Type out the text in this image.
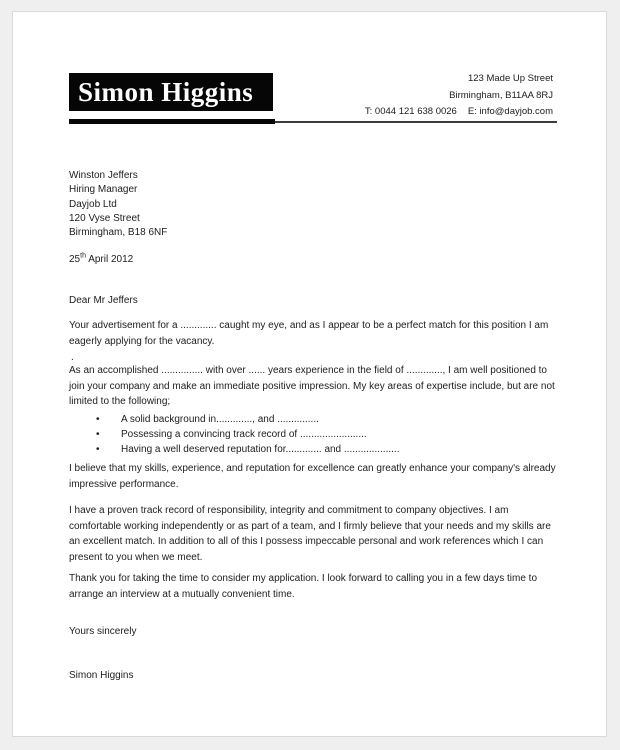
Simon Higgins	123 Made Up Street
Birmingham, B11AA 8RJ
T: 0044 121 638 0026 E: info@dayjob.com
Winston Jeffers
Hiring Manager
Dayjob Ltd
120 Vyse Street
Birmingham, B18 6NF
25th April 2012
Dear Mr Jeffers
Your advertisement for a ............. caught my eye, and as I appear to be a perfect match for this position I am eagerly applying for the vacancy.
.
As an accomplished ............... with over ...... years experience in the field of ............., I am well positioned to join your company and make an immediate positive impression. My key areas of expertise include, but are not limited to the following;
•	A solid background in............., and ...............
•	Possessing a convincing track record of ........................
•	Having a well deserved reputation for............. and ....................
I believe that my skills, experience, and reputation for excellence can greatly enhance your company's already impressive performance.
I have a proven track record of responsibility, integrity and commitment to company objectives. I am comfortable working independently or as part of a team, and I firmly believe that your needs and my skills are an excellent match. In addition to all of this I possess impeccable personal and work references which I can present to you when we meet.
Thank you for taking the time to consider my application. I look forward to calling you in a few days time to arrange an interview at a mutually convenient time.
Yours sincerely
Simon Higgins
